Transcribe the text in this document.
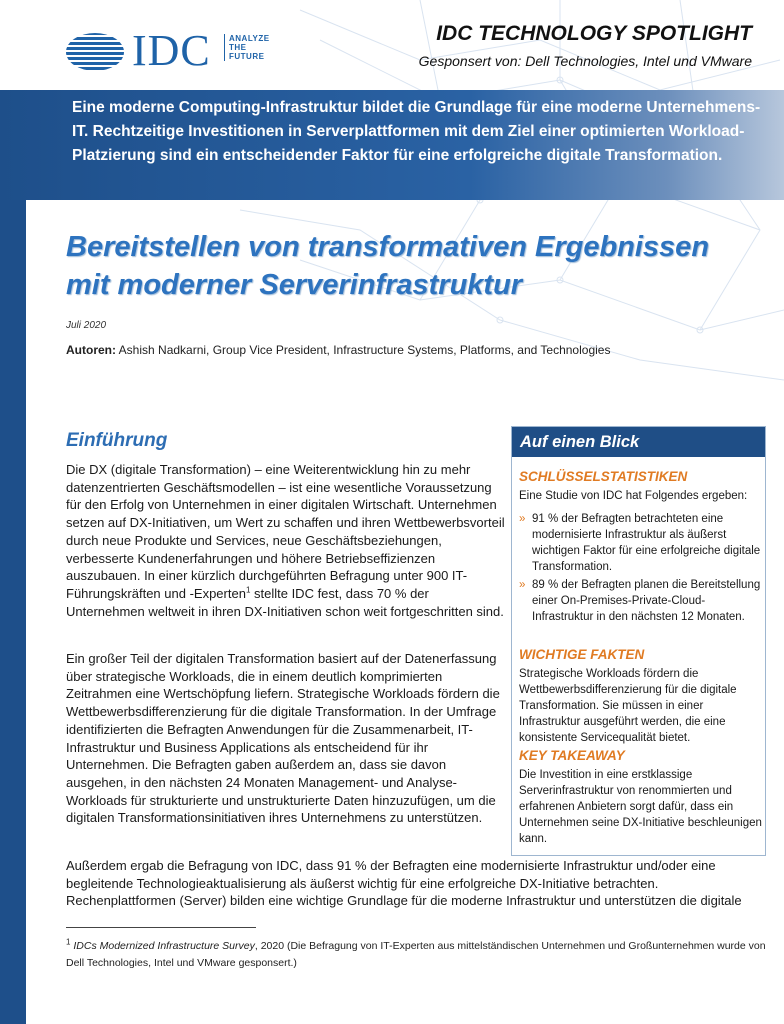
IDC ANALYZE
THE
FUTURE
IDC TECHNOLOGY SPOTLIGHT
Gesponsert von: Dell Technologies, Intel und VMware

Eine moderne Computing-Infrastruktur bildet die Grundlage für eine moderne Unternehmens-IT. Rechtzeitige Investitionen in Serverplattformen mit dem Ziel einer optimierten Workload-Platzierung sind ein entscheidender Faktor für eine erfolgreiche digitale Transformation.

Bereitstellen von transformativen Ergebnissen
mit moderner Serverinfrastruktur
Juli 2020
Autoren: Ashish Nadkarni, Group Vice President, Infrastructure Systems, Platforms, and Technologies
Einführung

Die DX (digitale Transformation) – eine Weiterentwicklung hin zu mehr datenzentrierten Geschäftsmodellen – ist eine wesentliche Voraussetzung für den Erfolg von Unternehmen in einer digitalen Wirtschaft. Unternehmen setzen auf DX-Initiativen, um Wert zu schaffen und ihren Wettbewerbsvorteil durch neue Produkte und Services, neue Geschäftsbeziehungen, verbesserte Kundenerfahrungen und höhere Betriebseffizienzen auszubauen. In einer kürzlich durchgeführten Befragung unter 900 IT-Führungskräften und -Experten$^1$ stellte IDC fest, dass 70 % der Unternehmen weltweit in ihren DX-Initiativen schon weit fortgeschritten sind.

Ein großer Teil der digitalen Transformation basiert auf der Datenerfassung über strategische Workloads, die in einem deutlich komprimierten Zeitrahmen eine Wertschöpfung liefern. Strategische Workloads fördern die Wettbewerbsdifferenzierung für die digitale Transformation. In der Umfrage identifizierten die Befragten Anwendungen für die Zusammenarbeit, IT-Infrastruktur und Business Applications als entscheidend für ihr Unternehmen. Die Befragten gaben außerdem an, dass sie davon ausgehen, in den nächsten 24 Monaten Management- und Analyse-Workloads für strukturierte und unstrukturierte Daten hinzuzufügen, um die digitalen Transformationsinitiativen ihres Unternehmens zu unterstützen.

Außerdem ergab die Befragung von IDC, dass 91 % der Befragten eine modernisierte Infrastruktur und/oder eine begleitende Technologieaktualisierung als äußerst wichtig für eine erfolgreiche DX-Initiative betrachten. Rechenplattformen (Server) bilden eine wichtige Grundlage für die moderne Infrastruktur und unterstützen die digitale

Auf einen Blick
SCHLÜSSELSTATISTIKEN

Eine Studie von IDC hat Folgendes ergeben:

» 91 % der Befragten betrachteten eine modernisierte Infrastruktur als äußerst wichtigen Faktor für eine erfolgreiche digitale Transformation.

» 89 % der Befragten planen die Bereitstellung einer On-Premises-Private-Cloud-Infrastruktur in den nächsten 12 Monaten.

WICHTIGE FAKTEN

Strategische Workloads fördern die Wettbewerbsdifferenzierung für die digitale Transformation. Sie müssen in einer Infrastruktur ausgeführt werden, die eine konsistente Servicequalität bietet.

KEY TAKEAWAY

Die Investition in eine erstklassige Serverinfrastruktur von renommierten und erfahrenen Anbietern sorgt dafür, dass ein Unternehmen seine DX-Initiative beschleunigen kann.

$^1$ IDCs Modernized Infrastructure Survey, 2020 (Die Befragung von IT-Experten aus mittelständischen Unternehmen und Großunternehmen wurde von Dell Technologies, Intel und VMware gesponsert.)
